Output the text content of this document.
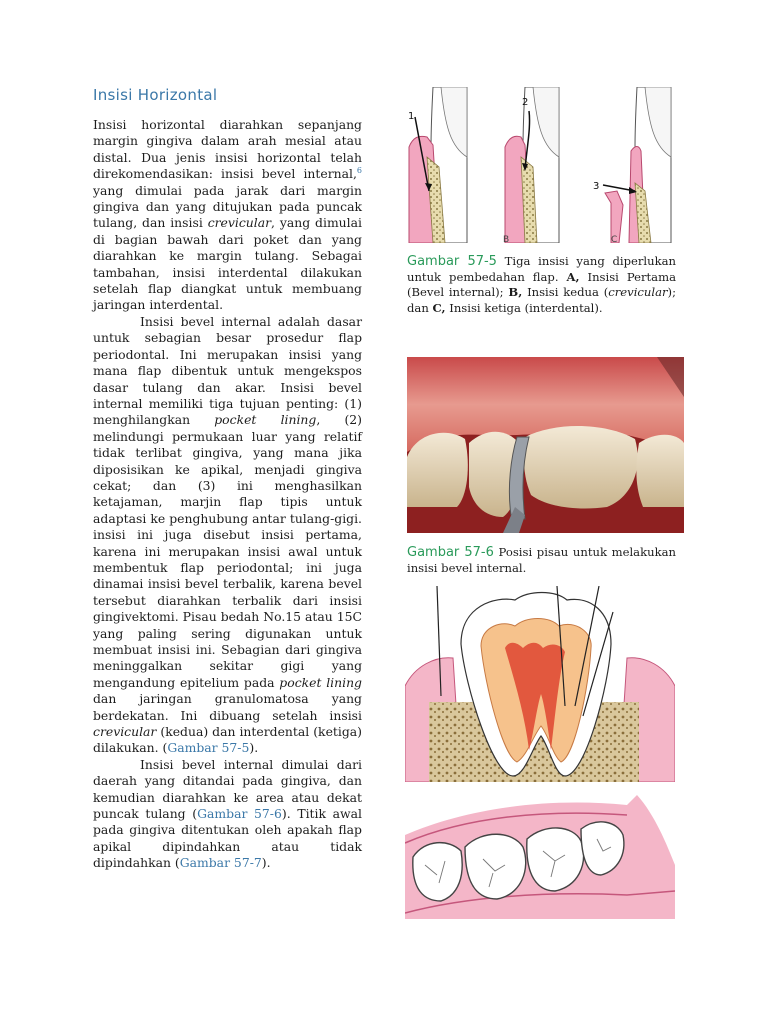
Insisi Horizontal

Insisi horizontal diarahkan sepanjang margin gingiva dalam arah mesial atau distal. Dua jenis insisi horizontal telah direkomendasikan: insisi bevel internal,$^6$ yang dimulai pada jarak dari margin gingiva dan yang ditujukan pada puncak tulang, dan insisi crevicular, yang dimulai di bagian bawah dari poket dan yang diarahkan ke margin tulang. Sebagai tambahan, insisi interdental dilakukan setelah flap diangkat untuk membuang jaringan interdental.

Insisi bevel internal adalah dasar untuk sebagian besar prosedur flap periodontal. Ini merupakan insisi yang mana flap dibentuk untuk mengekspos dasar tulang dan akar. Insisi bevel internal memiliki tiga tujuan penting: (1) menghilangkan pocket lining, (2) melindungi permukaan luar yang relatif tidak terlibat gingiva, yang mana jika diposisikan ke apikal, menjadi gingiva cekat; dan (3) ini menghasilkan ketajaman, marjin flap tipis untuk adaptasi ke penghubung antar tulang-gigi. insisi ini juga disebut insisi pertama, karena ini merupakan insisi awal untuk membentuk flap periodontal; ini juga dinamai insisi bevel terbalik, karena bevel tersebut diarahkan terbalik dari insisi gingivektomi. Pisau bedah No.15 atau 15C yang paling sering digunakan untuk membuat insisi ini. Sebagian dari gingiva meninggalkan sekitar gigi yang mengandung epitelium pada pocket lining dan jaringan granulomatosa yang berdekatan. Ini dibuang setelah insisi crevicular (kedua) dan interdental (ketiga) dilakukan. (Gambar 57-5).

Insisi bevel internal dimulai dari daerah yang ditandai pada gingiva, dan kemudian diarahkan ke area atau dekat puncak tulang (Gambar 57-6). Titik awal pada gingiva ditentukan oleh apakah flap apikal dipindahkan atau tidak dipindahkan (Gambar 57-7).

1
2
3
B	C
Gambar 57-5 Tiga insisi yang diperlukan untuk pembedahan flap. A, Insisi Pertama (Bevel internal); B, Insisi kedua (crevicular); dan C, Insisi ketiga (interdental).
Gambar 57-6 Posisi pisau untuk melakukan insisi bevel internal.
